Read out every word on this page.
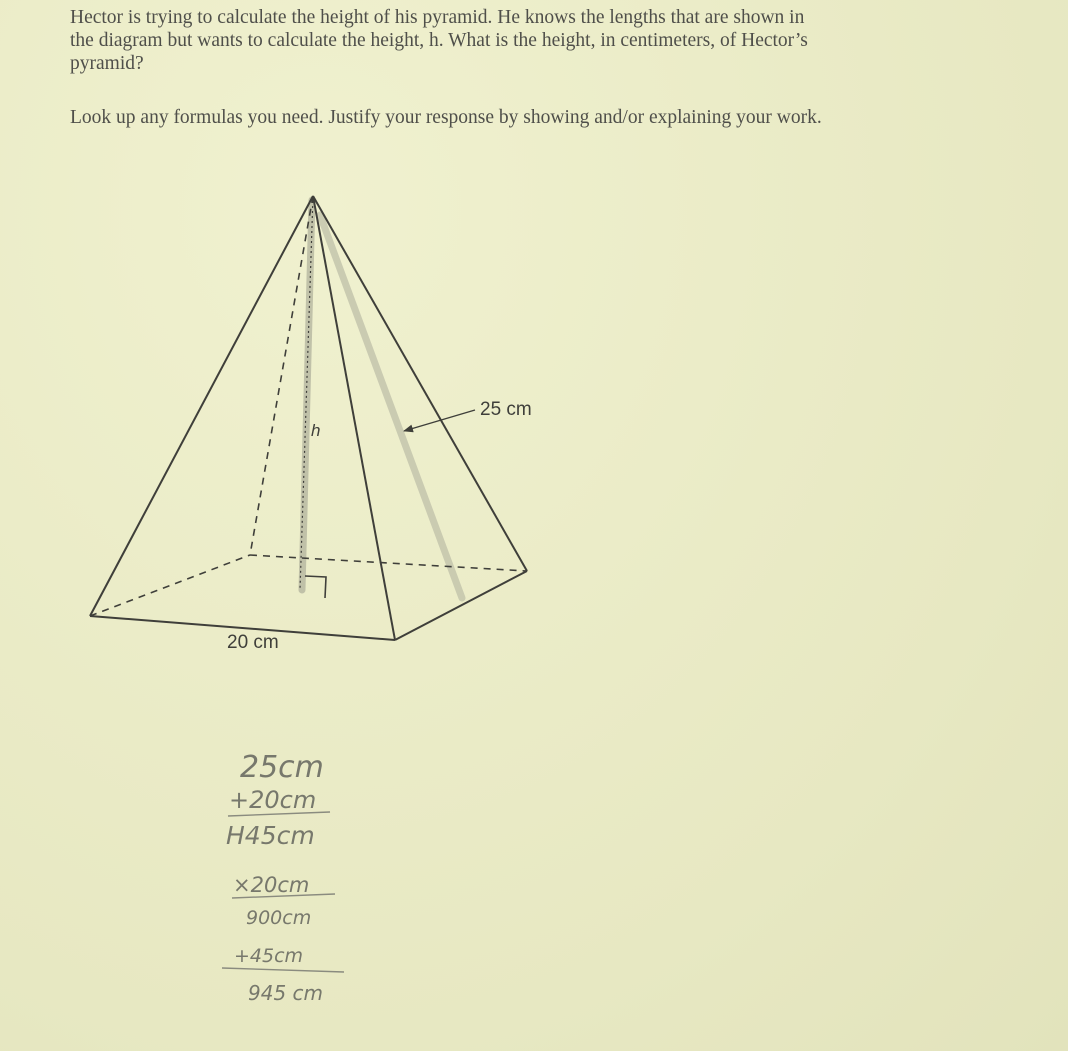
Hector is trying to calculate the height of his pyramid. He knows the lengths that are shown in

the diagram but wants to calculate the height, h. What is the height, in centimeters, of Hector’s

pyramid?

Look up any formulas you need. Justify your response by showing and/or explaining your work.

h
25 cm
20 cm
25cm
+20cm
H45cm
×20cm
900cm
+45cm
945 cm
